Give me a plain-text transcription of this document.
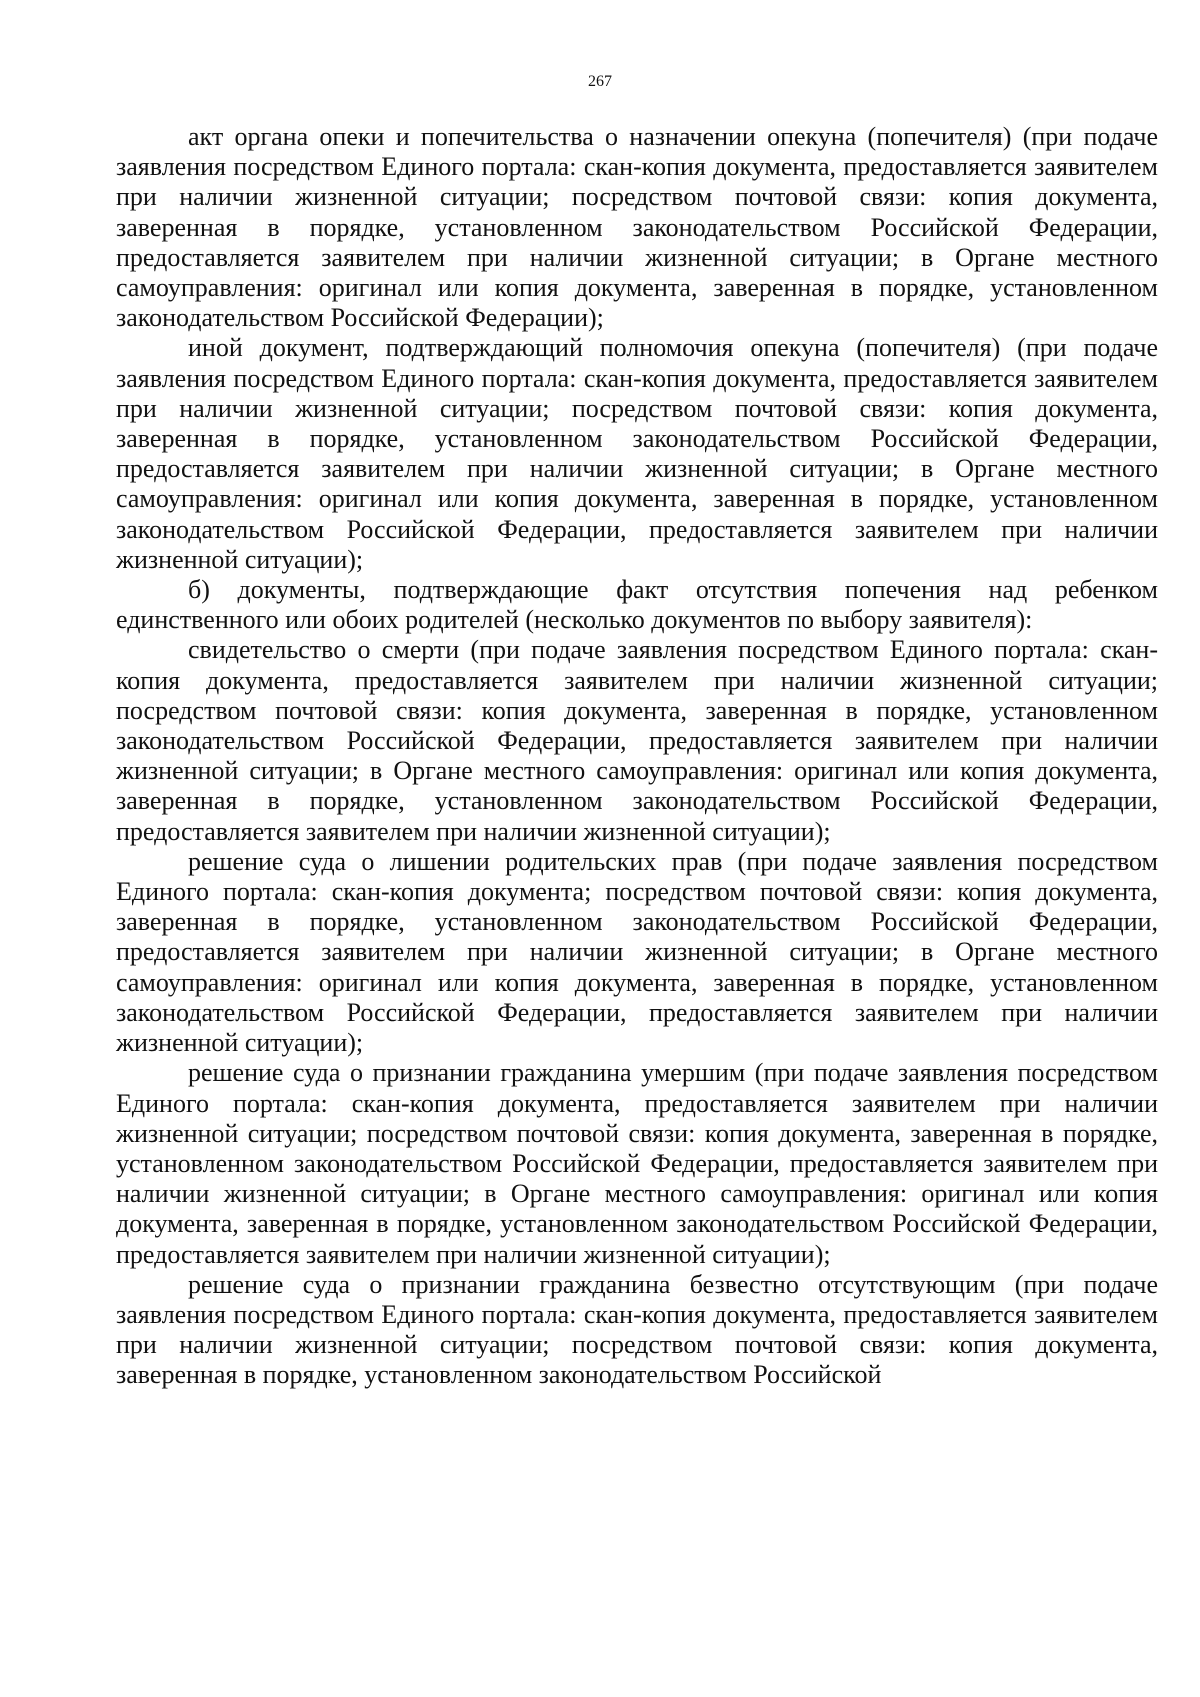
267

акт органа опеки и попечительства о назначении опекуна (попечителя) (при подаче заявления посредством Единого портала: скан-копия документа, предоставляется заявителем при наличии жизненной ситуации; посредством почтовой связи: копия документа, заверенная в порядке, установленном законодательством Российской Федерации, предоставляется заявителем при наличии жизненной ситуации; в Органе местного самоуправления: оригинал или копия документа, заверенная в порядке, установленном законодательством Российской Федерации);

иной документ, подтверждающий полномочия опекуна (попечителя) (при подаче заявления посредством Единого портала: скан-копия документа, предоставляется заявителем при наличии жизненной ситуации; посредством почтовой связи: копия документа, заверенная в порядке, установленном законодательством Российской Федерации, предоставляется заявителем при наличии жизненной ситуации; в Органе местного самоуправления: оригинал или копия документа, заверенная в порядке, установленном законодательством Российской Федерации, предоставляется заявителем при наличии жизненной ситуации);

б) документы, подтверждающие факт отсутствия попечения над ребенком единственного или обоих родителей (несколько документов по выбору заявителя):

свидетельство о смерти (при подаче заявления посредством Единого портала: скан-копия документа, предоставляется заявителем при наличии жизненной ситуации; посредством почтовой связи: копия документа, заверенная в порядке, установленном законодательством Российской Федерации, предоставляется заявителем при наличии жизненной ситуации; в Органе местного самоуправления: оригинал или копия документа, заверенная в порядке, установленном законодательством Российской Федерации, предоставляется заявителем при наличии жизненной ситуации);

решение суда о лишении родительских прав (при подаче заявления посредством Единого портала: скан-копия документа; посредством почтовой связи: копия документа, заверенная в порядке, установленном законодательством Российской Федерации, предоставляется заявителем при наличии жизненной ситуации; в Органе местного самоуправления: оригинал или копия документа, заверенная в порядке, установленном законодательством Российской Федерации, предоставляется заявителем при наличии жизненной ситуации);

решение суда о признании гражданина умершим (при подаче заявления посредством Единого портала: скан-копия документа, предоставляется заявителем при наличии жизненной ситуации; посредством почтовой связи: копия документа, заверенная в порядке, установленном законодательством Российской Федерации, предоставляется заявителем при наличии жизненной ситуации; в Органе местного самоуправления: оригинал или копия документа, заверенная в порядке, установленном законодательством Российской Федерации, предоставляется заявителем при наличии жизненной ситуации);

решение суда о признании гражданина безвестно отсутствующим (при подаче заявления посредством Единого портала: скан-копия документа, предоставляется заявителем при наличии жизненной ситуации; посредством почтовой связи: копия документа, заверенная в порядке, установленном законодательством Российской
